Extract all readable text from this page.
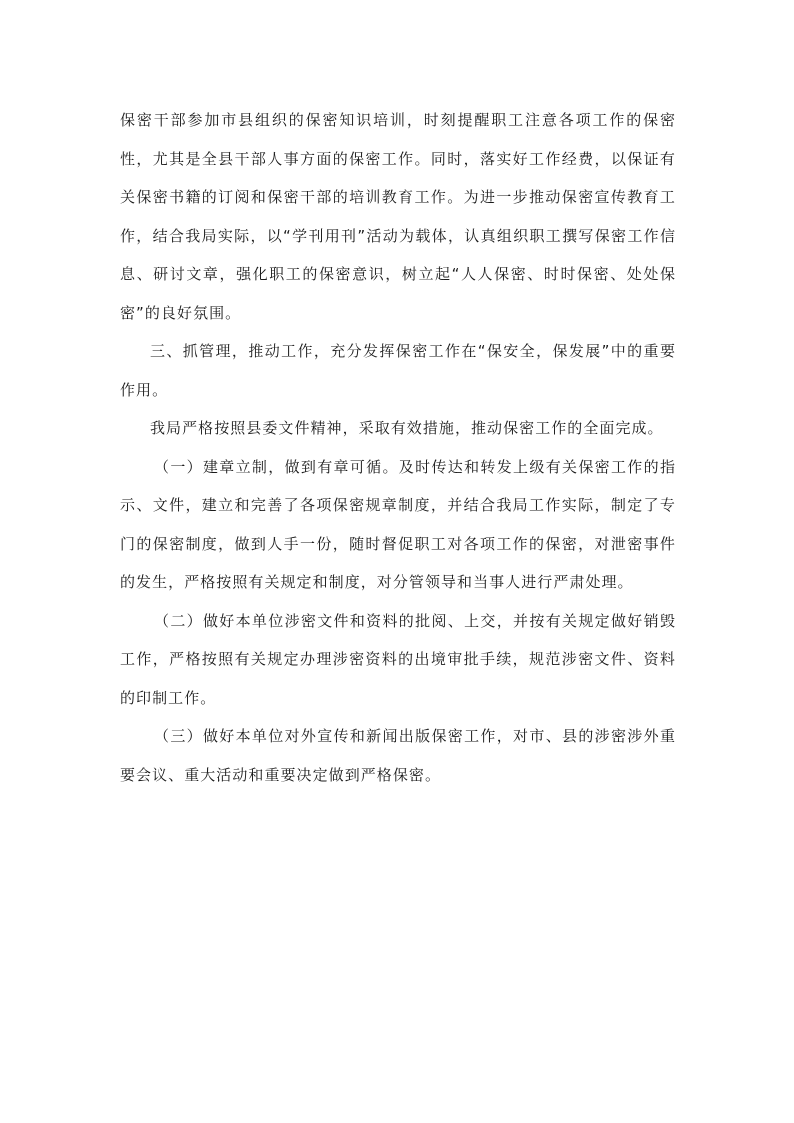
保密干部参加市县组织的保密知识培训，时刻提醒职工注意各项工作的保密性，尤其是全县干部人事方面的保密工作。同时，落实好工作经费，以保证有关保密书籍的订阅和保密干部的培训教育工作。为进一步推动保密宣传教育工作，结合我局实际，以“学刊用刊”活动为载体，认真组织职工撰写保密工作信息、研讨文章，强化职工的保密意识，树立起“人人保密、时时保密、处处保密”的良好氛围。

三、抓管理，推动工作，充分发挥保密工作在“保安全，保发展”中的重要作用。

我局严格按照县委文件精神，采取有效措施，推动保密工作的全面完成。

（一）建章立制，做到有章可循。及时传达和转发上级有关保密工作的指示、文件，建立和完善了各项保密规章制度，并结合我局工作实际，制定了专门的保密制度，做到人手一份，随时督促职工对各项工作的保密，对泄密事件的发生，严格按照有关规定和制度，对分管领导和当事人进行严肃处理。

（二）做好本单位涉密文件和资料的批阅、上交，并按有关规定做好销毁工作，严格按照有关规定办理涉密资料的出境审批手续，规范涉密文件、资料的印制工作。

（三）做好本单位对外宣传和新闻出版保密工作，对市、县的涉密涉外重要会议、重大活动和重要决定做到严格保密。
